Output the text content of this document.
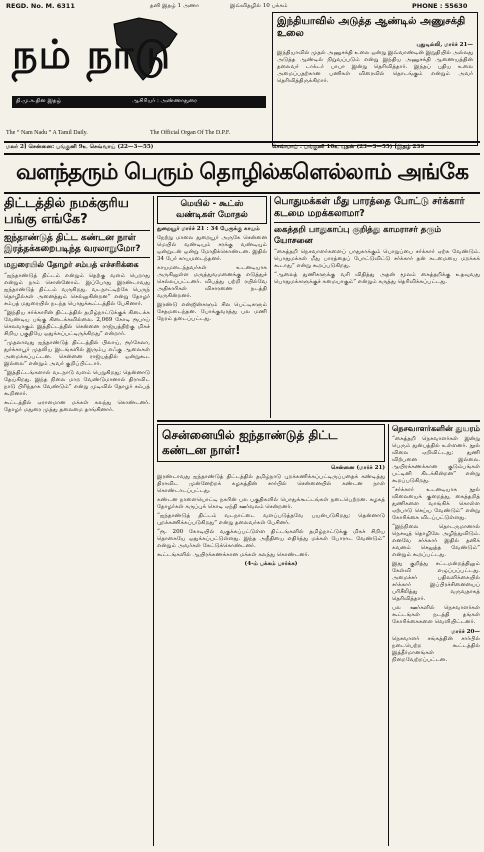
REGD. No. M. 6311	தனி இதழ் 1 அணா	இவ்விதழில் 10 பக்கம்	PHONE : 55630
நம் நாடு
தி.மு.க.தின இதழ்	ஆசிரியர் : அண்ணாதுரை
The “ Nam Nadu ” A Tamil Daily.	The Official Organ Of The D.P.F.
இந்தியாவில் அடுத்த ஆண்டில் அணுசக்தி உலை
புதுடில்லி, மார்ச் 21—
இந்தியாவில் முதல் அணுசக்தி உலை ஒன்று இவ்வாண்டின் இறுதியில் அல்லது அடுத்த ஆண்டில் நிறுவப்படும் என்று இந்திய அணுசக்தி ஆணையத்தின் தலைவர் டாக்டர் பாபா இன்று தெரிவித்தார். இந்தப் புதிய உலை அமைப்பதற்கான பணிகள் விரைவில் தொடங்கும் என்றும் அவர் தெரிவித்திருக்கிறார்.
மலர் 2] சென்னை: பங்குனி 9உ செவ்வாய் (22—3—55)	செவ்வாய் : பங்குனி 10உ புதன் (23—3—55) [இதழ் 239
வளந்தரும் பெரும் தொழில்களெல்லாம் அங்கே
திட்டத்தில் நமக்குரிய பங்கு எங்கே?
ஐந்தாண்டுத் திட்ட கண்டன நாள் இரத்தக்கறைபடிந்த வரலாறுமோ?
மதுரையில் தோழர் சம்பத் எச்சரிக்கை

“ஐந்தாண்டுத் திட்டம் என்றும் தெற்கு வளம் பெறாது என்றும் நாம் சொன்னோம். இப்போது இரண்டாவது ஐந்தாண்டுத் திட்டம் வருகிறது. வடநாட்டிற்கே பெருந் தொழில்கள் அனைத்தும் செல்லுகின்றன” என்று தோழர் சம்பத் மதுரையில் நடந்த பொதுக்கூட்டத்தில் பேசினார்.

“இந்திய சர்க்காரின் திட்டத்தில் தமிழ்நாட்டுக்குக் கிடைக்க வேண்டிய பங்கு கிடைக்கவில்லை. 2,069 கோடி ரூபாய் செலவாகும் இத்திட்டத்தில் சென்னை ராஜ்யத்திற்கு மிகச் சிறிய பகுதியே ஒதுக்கப்பட்டிருக்கிறது” என்றார்.

“முதலாவது ஐந்தாண்டுத் திட்டத்தில் பிலாய், ரூர்கேலா, துர்க்காபூர் முதலிய இடங்களில் இரும்பு எஃகு ஆலைகள் அமைக்கப்பட்டன. சென்னை ராஜ்யத்தில் ஒன்றுகூட இல்லை” என்றும் அவர் குறிப்பிட்டார்.

“இத்திட்டங்களால் வடநாடு வளம் பெறுகிறது; தென்னாடு தேய்கிறது. இந்த நிலை மாற வேண்டுமானால் திராவிட நாடு பிரிந்தாக வேண்டும்” என்று முடிவில் தோழர் சம்பத் கூறினார்.

கூட்டத்தில் ஏராளமான மக்கள் கலந்து கொண்டனர். தோழர் மதுரை முத்து தலைமை தாங்கினார்.

மெயில் - கூட்ஸ் வண்டிகள் மோதல்
துறையூர் மார்ச் 21 : 34 பேருக்கு காயம்

நேற்று மாலை துறையூர் அருகே சென்னை மெயில் வண்டியும் சரக்கு வண்டியும் ஒன்றுடன் ஒன்று மோதிக்கொண்டன. இதில் 34 பேர் காயமடைந்தனர்.

காயமடைந்தவர்கள் உடனடியாக அருகிலுள்ள மருத்துவமனைக்கு எடுத்துச் செல்லப்பட்டனர். விபத்து பற்றி ரயில்வே அதிகாரிகள் விசாரணை நடத்தி வருகின்றனர்.

இரண்டு என்ஜின்களும் சில பெட்டிகளும் சேதமடைந்தன. போக்குவரத்து பல மணி நேரம் தடைப்பட்டது.

பொதுமக்கள் மீது பாரத்தை போட்டு சர்க்கார் கடமை மறக்கலாமா?
கைத்தறி பாதுகாப்பு குறித்து காமராசர் தரும் யோசனை

“கைத்தறி நெசவாளர்களைப் பாதுகாக்கும் பொறுப்பை சர்க்கார் ஏற்க வேண்டும். பொதுமக்கள் மீது பாரத்தைப் போட்டுவிட்டு சர்க்கார் தன் கடமையை மறக்கக் கூடாது” என்று கூறப்படுகிறது.

“ஆலைத் துணிகளுக்கு வரி விதித்து அதன் மூலம் கைத்தறிக்கு உதவுவது பொதுமக்களுக்குச் சுமையாகும்” என்றும் கருத்து தெரிவிக்கப்பட்டது.

சென்னையில் ஐந்தாண்டுத் திட்ட கண்டன நாள்!
சென்னை (மார்ச் 21)

இரண்டாவது ஐந்தாண்டுத் திட்டத்தில் தமிழ்நாடு புறக்கணிக்கப்பட்டிருப்பதைக் கண்டித்து திராவிட முன்னேற்றக் கழகத்தின் சார்பில் சென்னையில் கண்டன நாள் கொண்டாடப்பட்டது.

கண்டன நாளையொட்டி நகரின் பல பகுதிகளில் பொதுக்கூட்டங்கள் நடைபெற்றன. கழகத் தோழர்கள் கருப்புக் கொடி ஏந்தி ஊர்வலம் சென்றனர்.

“ஐந்தாண்டுத் திட்டம் வடநாட்டை வளப்படுத்தவே பயன்படுகிறது; தென்னாடு புறக்கணிக்கப்படுகிறது” என்று தலைவர்கள் பேசினர்.

“ரூ. 200 கோடியில் வகுக்கப்பட்டுள்ள திட்டங்களில் தமிழ்நாட்டுக்கு மிகச் சிறிய தொகையே ஒதுக்கப்பட்டுள்ளது. இந்த அநீதியை எதிர்த்து மக்கள் போராட வேண்டும்” என்றும் அவர்கள் கேட்டுக்கொண்டனர்.

கூட்டங்களில் ஆயிரக்கணக்கான மக்கள் கலந்து கொண்டனர்.

(4-ம் பக்கம் பார்க்க)
நெசவாளர்களின் துயரம்

“கைத்தறி நெசவாளர்கள் இன்று பெரும் துன்பத்தில் உள்ளனர். நூல் விலை ஏறிவிட்டது; துணி விற்பனை இல்லை. ஆயிரக்கணக்கான குடும்பங்கள் பட்டினி கிடக்கின்றன” என்று கூறப்படுகிறது.

“சர்க்கார் உடனடியாக நூல் விலையைக் குறைத்து, கைத்தறித் துணிகளை வாங்கிக் கொள்ள ஏற்பாடு செய்ய வேண்டும்” என்று கோரிக்கை விடப்பட்டுள்ளது.

“இந்நிலை தொடருமானால் நெசவுத் தொழிலே அழிந்துவிடும். எனவே சர்க்கார் இதில் தனிக் கவனம் செலுத்த வேண்டும்” என்றும் கூறப்பட்டது.

இது குறித்து சட்டமன்றத்திலும் கேள்வி எழுப்பப்பட்டது. அமைச்சர் பதிலளிக்கையில் சர்க்கார் இப்பிரச்சினையைப் பரிசீலித்து வருவதாகத் தெரிவித்தார்.

பல ஊர்களில் நெசவாளர்கள் கூட்டங்கள் நடத்தி தங்கள் கோரிக்கைகளை வெளியிட்டனர்.

மார்ச் 20—
நெசவாளர் சங்கத்தின் சார்பில் நடைபெற்ற கூட்டத்தில் இத்தீர்மானங்கள் நிறைவேற்றப்பட்டன.
